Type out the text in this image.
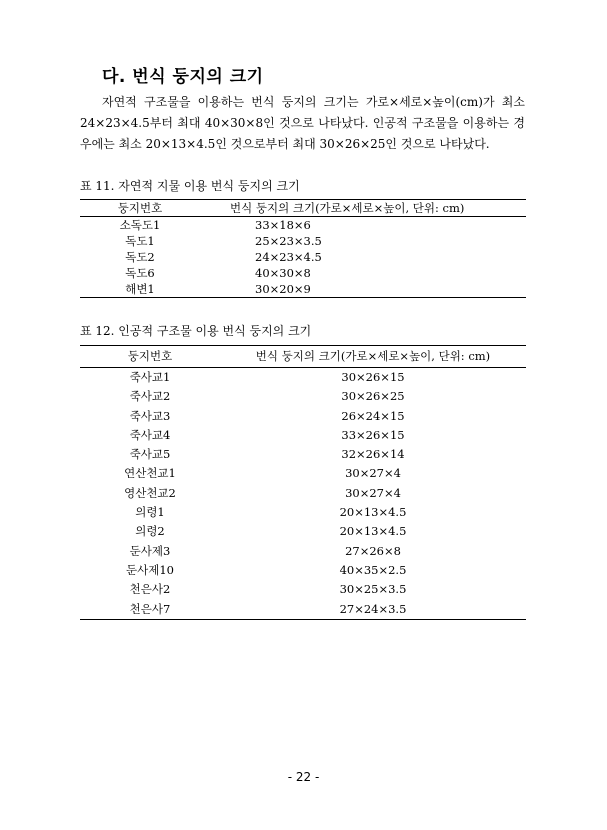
다. 번식 둥지의 크기

자연적 구조물을 이용하는 번식 둥지의 크기는 가로×세로×높이(cm)가 최소 24×23×4.5부터 최대 40×30×8인 것으로 나타났다. 인공적 구조물을 이용하는 경우에는 최소 20×13×4.5인 것으로부터 최대 30×26×25인 것으로 나타났다.

표 11. 자연적 지물 이용 번식 둥지의 크기
둥지번호	번식 둥지의 크기(가로×세로×높이, 단위: cm)
소독도1	33×18×6
독도1	25×23×3.5
독도2	24×23×4.5
독도6	40×30×8
해변1	30×20×9
표 12. 인공적 구조물 이용 번식 둥지의 크기
둥지번호	번식 둥지의 크기(가로×세로×높이, 단위: cm)
죽사교1	30×26×15
죽사교2	30×26×25
죽사교3	26×24×15
죽사교4	33×26×15
죽사교5	32×26×14
연산천교1	30×27×4
영산천교2	30×27×4
의령1	20×13×4.5
의령2	20×13×4.5
둔사제3	27×26×8
둔사제10	40×35×2.5
천은사2	30×25×3.5
천은사7	27×24×3.5
- 22 -
